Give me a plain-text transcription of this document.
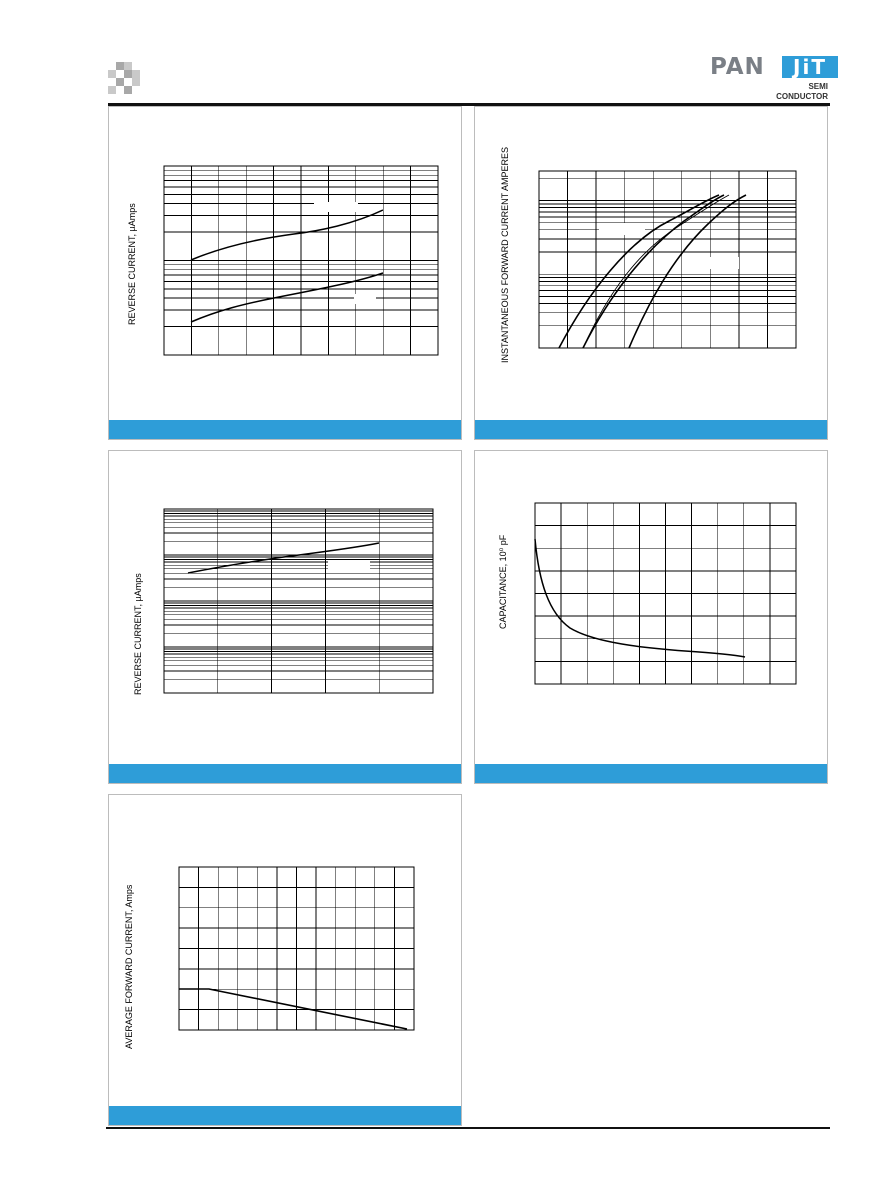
PAN	JiT
SEMI
CONDUCTOR
REVERSE CURRENT, µAmps	INSTANTANEOUS FORWARD CURRENT AMPERES
REVERSE CURRENT, µAmps	CAPACITANCE, 10⁰ pF
AVERAGE FORWARD CURRENT, Amps
